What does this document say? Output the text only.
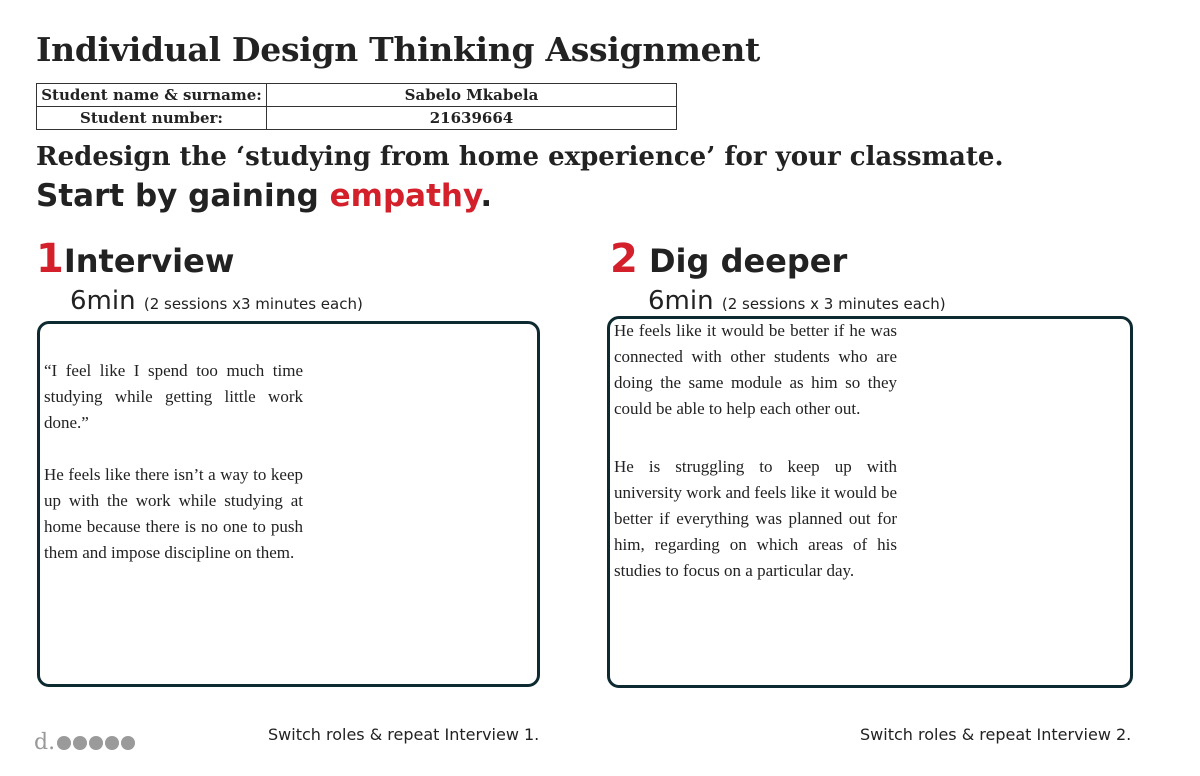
Individual Design Thinking Assignment
Student name & surname:	Sabelo Mkabela
Student number:	21639664

Redesign the ‘studying from home experience’ for your classmate.

Start by gaining empathy.

1Interview
6min (2 sessions x3 minutes each)

“I feel like I spend too much time studying while getting little work done.”

He feels like there isn’t a way to keep up with the work while studying at home because there is no one to push them and impose discipline on them.

2 Dig deeper
6min (2 sessions x 3 minutes each)

He feels like it would be better if he was connected with other students who are doing the same module as him so they could be able to help each other out.

He is struggling to keep up with university work and feels like it would be better if everything was planned out for him, regarding on which areas of his studies to focus on a particular day.

d.	Switch roles & repeat Interview 1.	Switch roles & repeat Interview 2.
